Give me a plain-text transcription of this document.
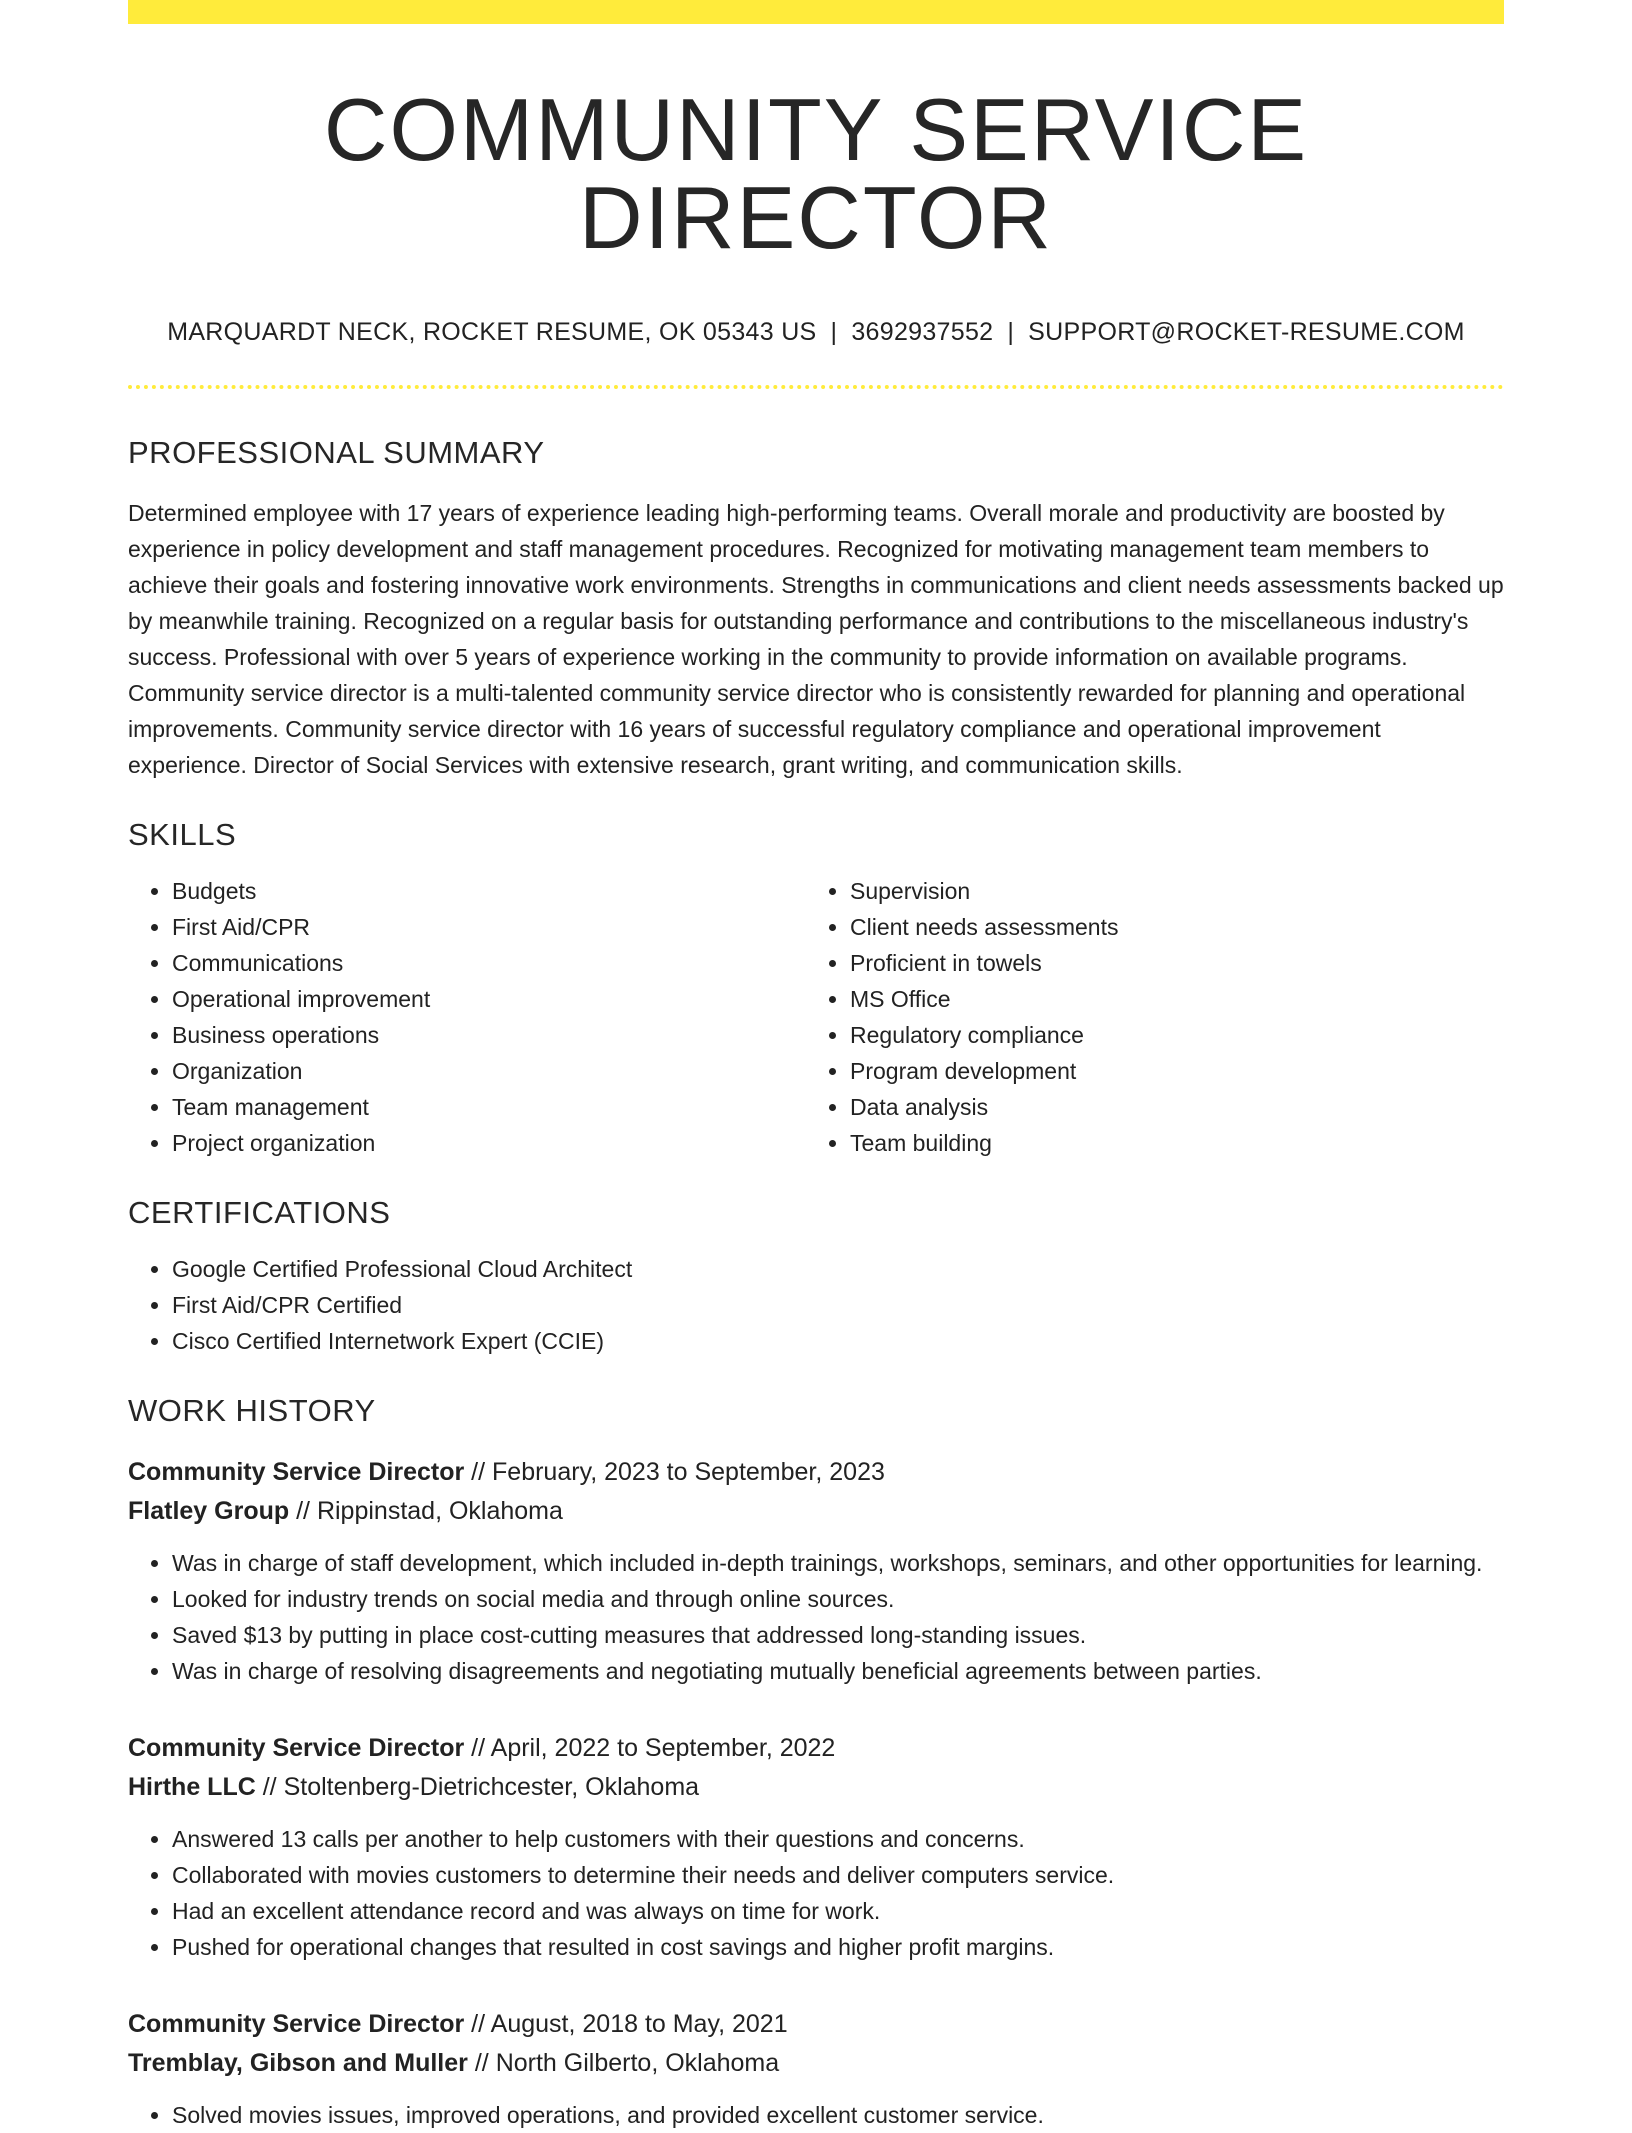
COMMUNITY SERVICE DIRECTOR
MARQUARDT NECK, ROCKET RESUME, OK 05343 US | 3692937552 | SUPPORT@ROCKET-RESUME.COM
PROFESSIONAL SUMMARY

Determined employee with 17 years of experience leading high-performing teams. Overall morale and productivity are boosted by experience in policy development and staff management procedures. Recognized for motivating management team members to achieve their goals and fostering innovative work environments. Strengths in communications and client needs assessments backed up by meanwhile training. Recognized on a regular basis for outstanding performance and contributions to the miscellaneous industry's success. Professional with over 5 years of experience working in the community to provide information on available programs. Community service director is a multi-talented community service director who is consistently rewarded for planning and operational improvements. Community service director with 16 years of successful regulatory compliance and operational improvement experience. Director of Social Services with extensive research, grant writing, and communication skills.

SKILLS
• Budgets
• First Aid/CPR
• Communications
• Operational improvement
• Business operations
• Organization
• Team management
• Project organization
• Supervision
• Client needs assessments
• Proficient in towels
• MS Office
• Regulatory compliance
• Program development
• Data analysis
• Team building
CERTIFICATIONS
• Google Certified Professional Cloud Architect
• First Aid/CPR Certified
• Cisco Certified Internetwork Expert (CCIE)
WORK HISTORY
Community Service Director // February, 2023 to September, 2023
Flatley Group // Rippinstad, Oklahoma
• Was in charge of staff development, which included in-depth trainings, workshops, seminars, and other opportunities for learning.
• Looked for industry trends on social media and through online sources.
• Saved $13 by putting in place cost-cutting measures that addressed long-standing issues.
• Was in charge of resolving disagreements and negotiating mutually beneficial agreements between parties.
Community Service Director // April, 2022 to September, 2022
Hirthe LLC // Stoltenberg-Dietrichcester, Oklahoma
• Answered 13 calls per another to help customers with their questions and concerns.
• Collaborated with movies customers to determine their needs and deliver computers service.
• Had an excellent attendance record and was always on time for work.
• Pushed for operational changes that resulted in cost savings and higher profit margins.
Community Service Director // August, 2018 to May, 2021
Tremblay, Gibson and Muller // North Gilberto, Oklahoma
• Solved movies issues, improved operations, and provided excellent customer service.
